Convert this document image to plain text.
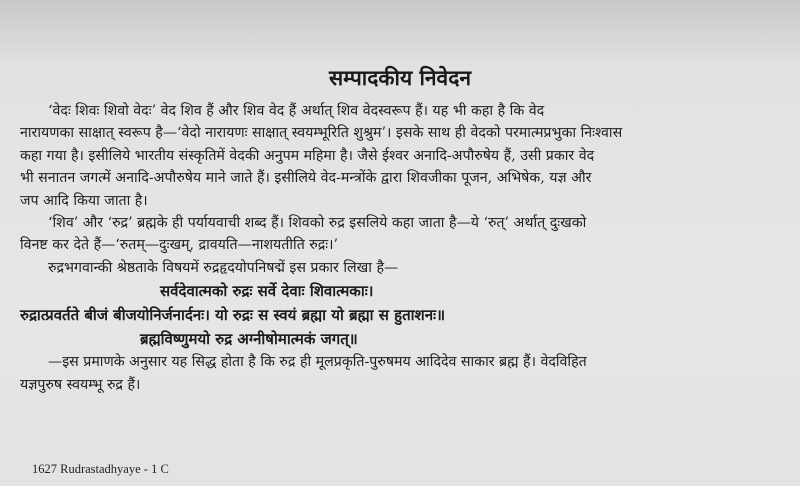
सम्पादकीय निवेदन
‘वेदः शिवः शिवो वेदः’ वेद शिव हैं और शिव वेद हैं अर्थात् शिव वेदस्वरूप हैं। यह भी कहा है कि वेद
नारायणका साक्षात् स्वरूप है—‘वेदो नारायणः साक्षात् स्वयम्भूरिति शुश्रुम’। इसके साथ ही वेदको परमात्मप्रभुका निःश्वास
कहा गया है। इसीलिये भारतीय संस्कृतिमें वेदकी अनुपम महिमा है। जैसे ईश्वर अनादि-अपौरुषेय हैं, उसी प्रकार वेद
भी सनातन जगत्में अनादि-अपौरुषेय माने जाते हैं। इसीलिये वेद-मन्त्रोंके द्वारा शिवजीका पूजन, अभिषेक, यज्ञ और
जप आदि किया जाता है।
‘शिव’ और ‘रुद्र’ ब्रह्मके ही पर्यायवाची शब्द हैं। शिवको रुद्र इसलिये कहा जाता है—ये ‘रुत्’ अर्थात् दुःखको
विनष्ट कर देते हैं—‘रुतम्—दुःखम्, द्रावयति—नाशयतीति रुद्रः।’
रुद्रभगवान्की श्रेष्ठताके विषयमें रुद्रहृदयोपनिषद्में इस प्रकार लिखा है—
सर्वदेवात्मको रुद्रः सर्वे देवाः शिवात्मकाः।
रुद्रात्प्रवर्तते बीजं बीजयोनिर्जनार्दनः। यो रुद्रः स स्वयं ब्रह्मा यो ब्रह्मा स हुताशनः॥
ब्रह्मविष्णुमयो रुद्र अग्नीषोमात्मकं जगत्॥
—इस प्रमाणके अनुसार यह सिद्ध होता है कि रुद्र ही मूलप्रकृति-पुरुषमय आदिदेव साकार ब्रह्म हैं। वेदविहित
यज्ञपुरुष स्वयम्भू रुद्र हैं।
1627 Rudrastadhyaye - 1 C
